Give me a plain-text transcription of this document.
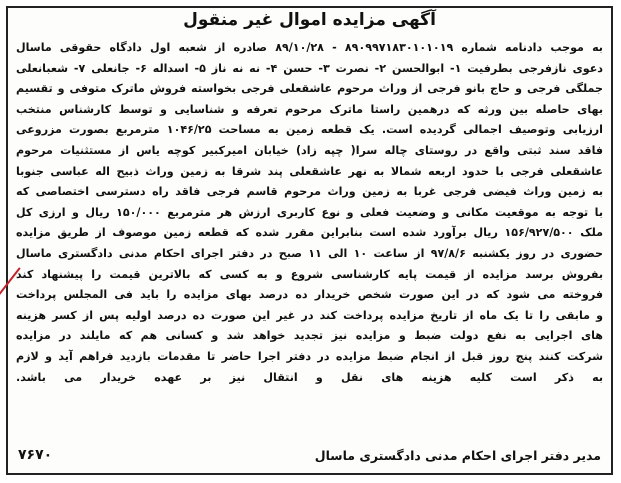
آگهی مزایده اموال غیر منقول
به موجب دادنامه شماره ۸۹۰۹۹۷۱۸۳۰۱۰۱۰۱۹ - ۸۹/۱۰/۲۸ صادره از شعبه اول دادگاه حقوقی ماسال
دعوی نازفرجی بطرفیت ۱- ابوالحسن ۲- نصرت ۳- حسن ۴- نه نه ناز ۵- اسداله ۶- جانعلی ۷- شعبانعلی
جملگی فرجی و حاج بانو فرجی از وراث مرحوم عاشقعلی فرجی بخواسته فروش ماترک متوفی و تقسیم
بهای حاصله بین ورثه که درهمین راستا ماترک مرحوم تعرفه و شناسایی و توسط کارشناس منتخب
ارزیابی وتوصیف اجمالی گردیده است. یک قطعه زمین به مساحت ۱۰۴۶/۲۵ مترمربع بصورت مزروعی
فاقد سند ثبتی واقع در روستای چاله سرا( چپه زاد) خیابان امیرکبیر کوچه یاس از مستثنیات مرحوم
عاشقعلی فرجی با حدود اربعه شمالا به نهر عاشقعلی پند شرقا به زمین وراث ذبیح اله عباسی جنوبا
به زمین وراث فیضی فرجی غربا به زمین وراث مرحوم قاسم فرجی فاقد راه دسترسی اختصاصی که
با توجه به موقعیت مکانی و وضعیت فعلی و نوع کاربری ارزش هر مترمربع ۱۵۰/۰۰۰ ریال و ارزی کل
ملک ۱۵۶/۹۲۷/۵۰۰ ریال برآورد شده است بنابراین مقرر شده که قطعه زمین موصوف از طریق مزایده
حضوری در روز یکشنبه ۹۷/۸/۶ از ساعت ۱۰ الی ۱۱ صبح در دفتر اجرای احکام مدنی دادگستری ماسال
بفروش برسد مزایده از قیمت پایه کارشناسی شروع و به کسی که بالاترین قیمت را پیشنهاد کند
فروخته می شود که در این صورت شخص خریدار ده درصد بهای مزایده را باید فی المجلس پرداخت
و مابقی را تا یک ماه از تاریخ مزایده پرداخت کند در غیر این صورت ده درصد اولیه پس از کسر هزینه
های اجرایی به نفع دولت ضبط و مزایده نیز تجدید خواهد شد و کسانی هم که مایلند در مزایده
شرکت کنند پنج روز قبل از انجام ضبط مزایده در دفتر اجرا حاضر تا مقدمات بازدید فراهم آید و لازم
به ذکر است کلیه هزینه های نقل و انتقال نیز بر عهده خریدار می باشد.
مدیر دفتر اجرای احکام مدنی دادگستری ماسال
۷۶۷۰
